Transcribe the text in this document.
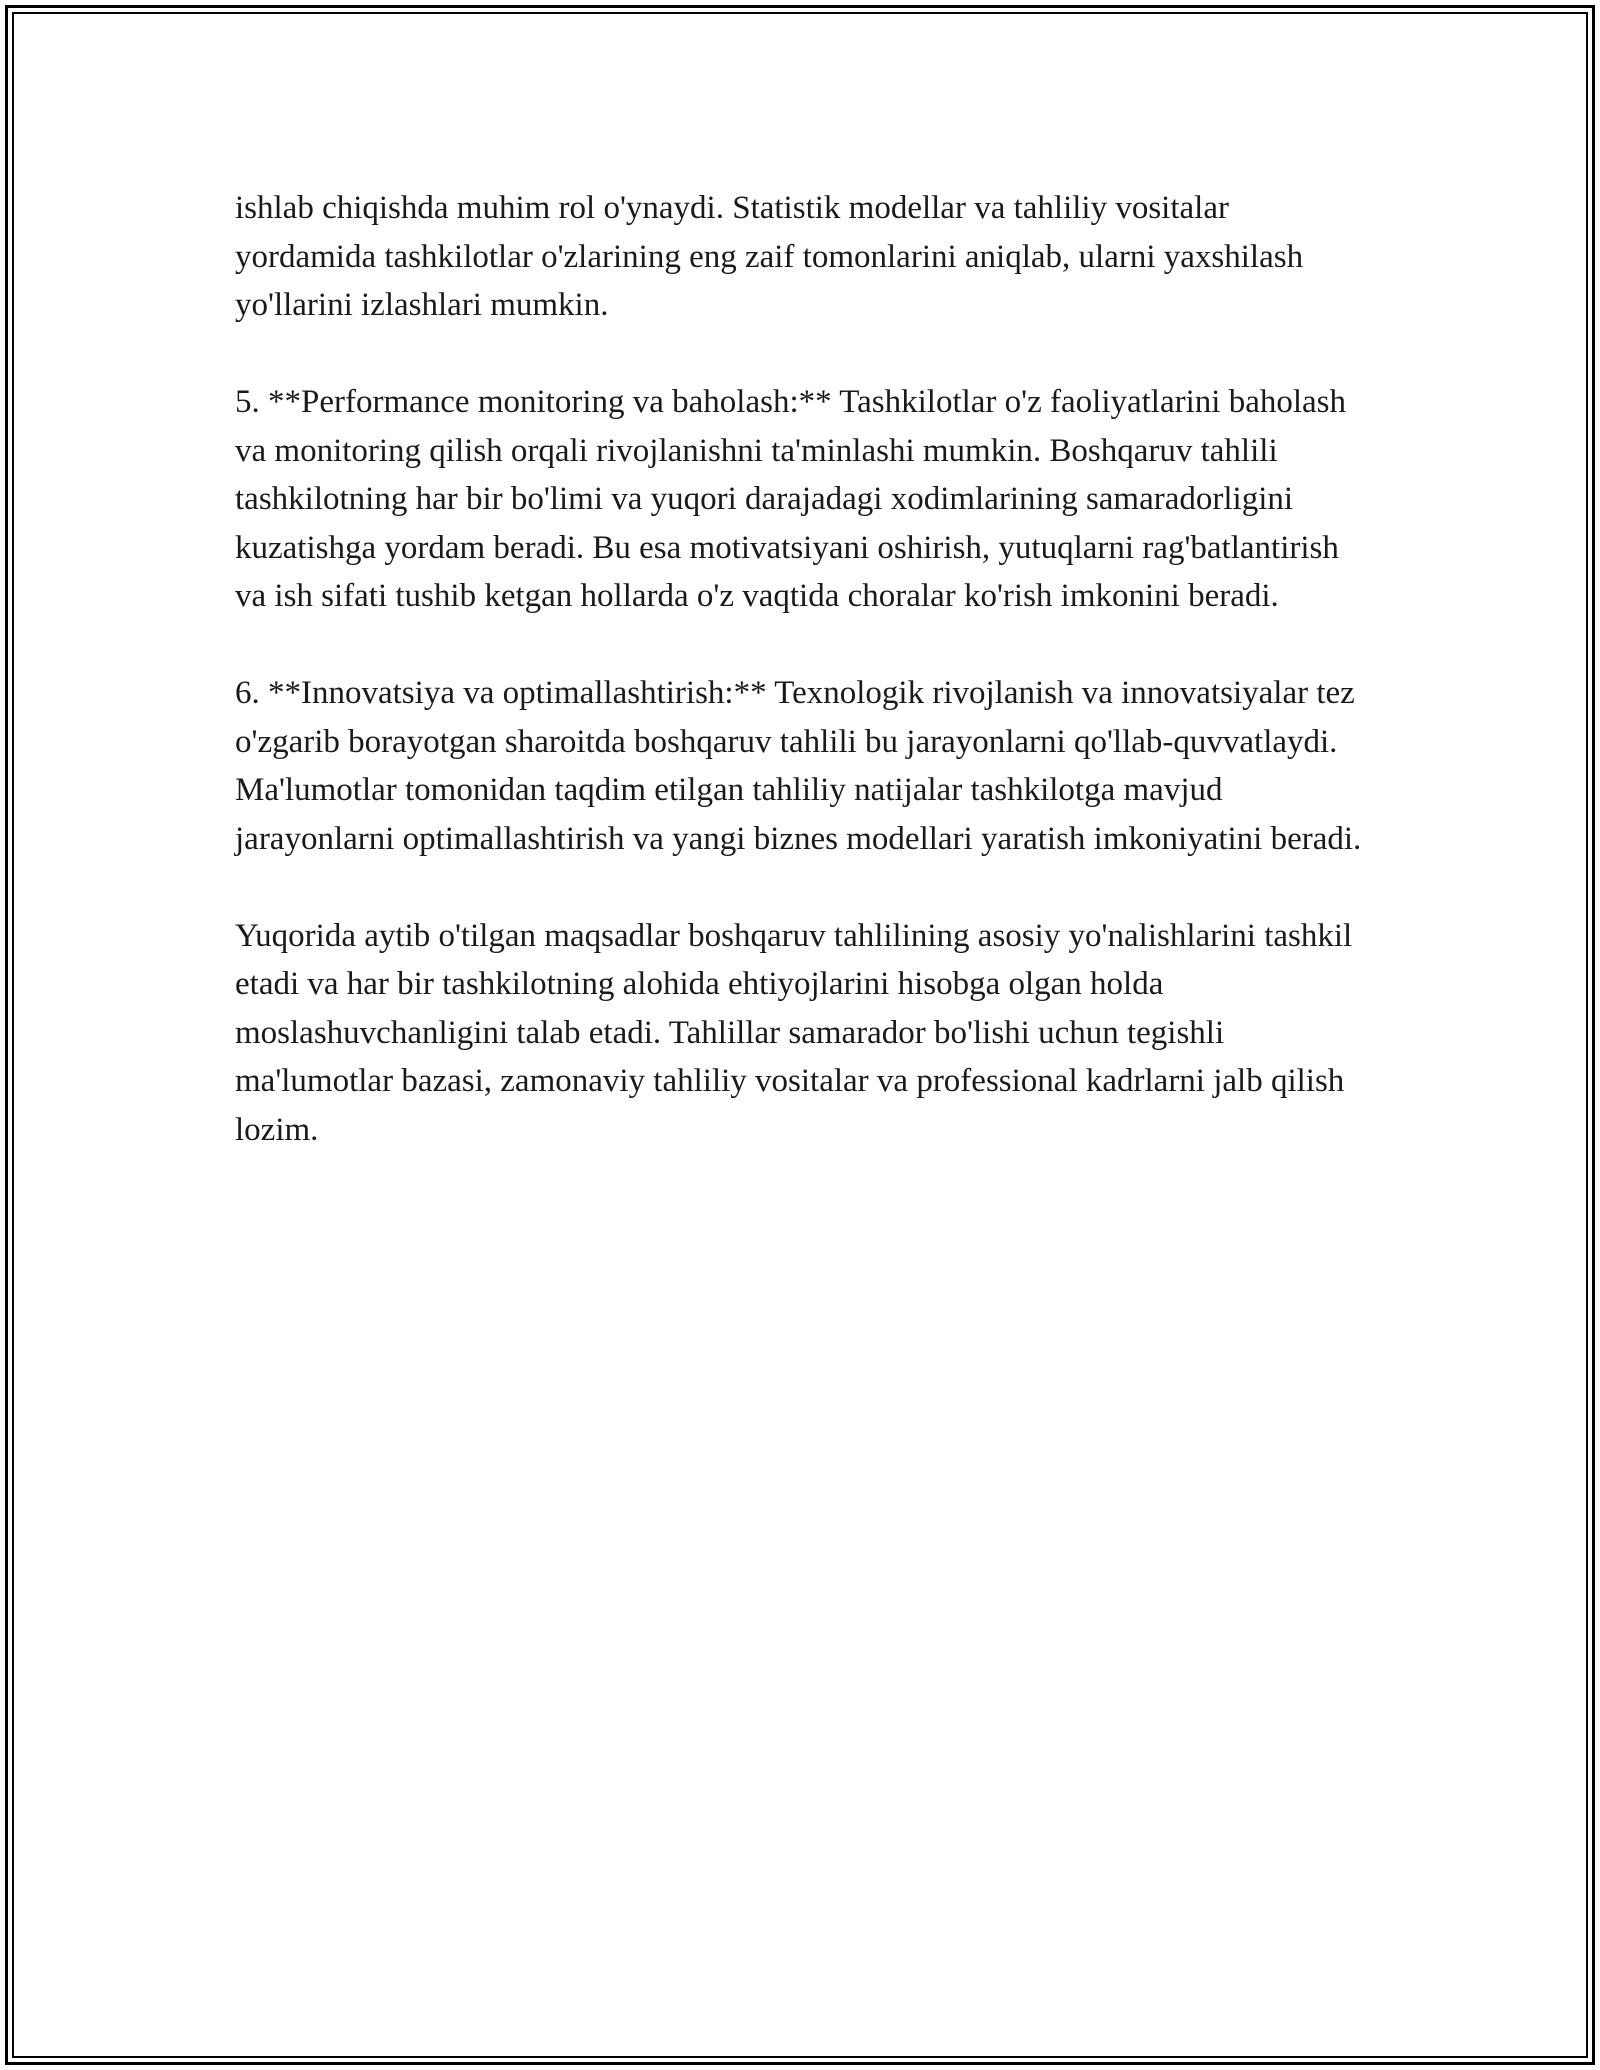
ishlab chiqishda muhim rol o'ynaydi. Statistik modellar va tahliliy vositalar yordamida tashkilotlar o'zlarining eng zaif tomonlarini aniqlab, ularni yaxshilash yo'llarini izlashlari mumkin.

5. **Performance monitoring va baholash:** Tashkilotlar o'z faoliyatlarini baholash va monitoring qilish orqali rivojlanishni ta'minlashi mumkin. Boshqaruv tahlili tashkilotning har bir bo'limi va yuqori darajadagi xodimlarining samaradorligini kuzatishga yordam beradi. Bu esa motivatsiyani oshirish, yutuqlarni rag'batlantirish va ish sifati tushib ketgan hollarda o'z vaqtida choralar ko'rish imkonini beradi.

6. **Innovatsiya va optimallashtirish:** Texnologik rivojlanish va innovatsiyalar tez o'zgarib borayotgan sharoitda boshqaruv tahlili bu jarayonlarni qo'llab-quvvatlaydi. Ma'lumotlar tomonidan taqdim etilgan tahliliy natijalar tashkilotga mavjud jarayonlarni optimallashtirish va yangi biznes modellari yaratish imkoniyatini beradi.

Yuqorida aytib o'tilgan maqsadlar boshqaruv tahlilining asosiy yo'nalishlarini tashkil etadi va har bir tashkilotning alohida ehtiyojlarini hisobga olgan holda moslashuvchanligini talab etadi. Tahlillar samarador bo'lishi uchun tegishli ma'lumotlar bazasi, zamonaviy tahliliy vositalar va professional kadrlarni jalb qilish lozim.
